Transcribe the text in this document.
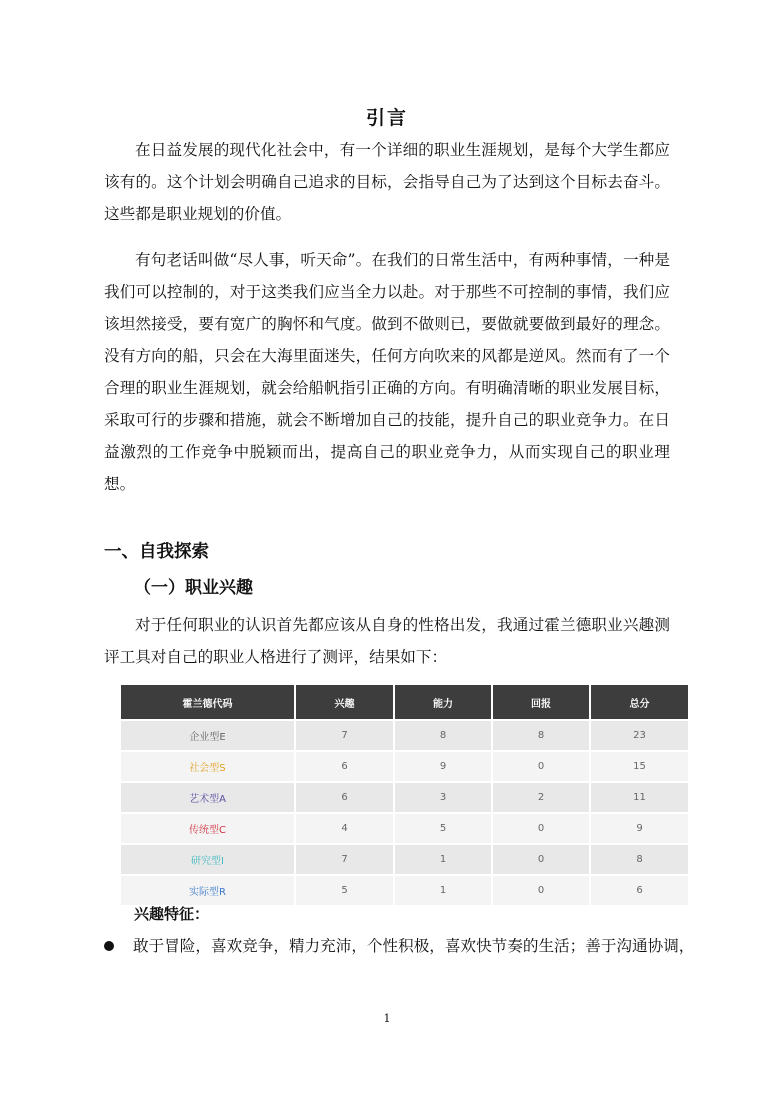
引言

在日益发展的现代化社会中，有一个详细的职业生涯规划，是每个大学生都应该有的。这个计划会明确自己追求的目标，会指导自己为了达到这个目标去奋斗。这些都是职业规划的价值。

有句老话叫做“尽人事，听天命”。在我们的日常生活中，有两种事情，一种是我们可以控制的，对于这类我们应当全力以赴。对于那些不可控制的事情，我们应该坦然接受，要有宽广的胸怀和气度。做到不做则已，要做就要做到最好的理念。没有方向的船，只会在大海里面迷失，任何方向吹来的风都是逆风。然而有了一个合理的职业生涯规划，就会给船帆指引正确的方向。有明确清晰的职业发展目标，采取可行的步骤和措施，就会不断增加自己的技能，提升自己的职业竞争力。在日益激烈的工作竞争中脱颖而出，提高自己的职业竞争力，从而实现自己的职业理想。

一、自我探索
（一）职业兴趣

对于任何职业的认识首先都应该从自身的性格出发，我通过霍兰德职业兴趣测评工具对自己的职业人格进行了测评，结果如下：

霍兰德代码	兴趣	能力	回报	总分
企业型E	7	8	8	23
社会型S	6	9	0	15
艺术型A	6	3	2	11
传统型C	4	5	0	9
研究型I	7	1	0	8
实际型R	5	1	0	6
兴趣特征：
敢于冒险，喜欢竞争，精力充沛，个性积极，喜欢快节奏的生活；善于沟通协调，
1
